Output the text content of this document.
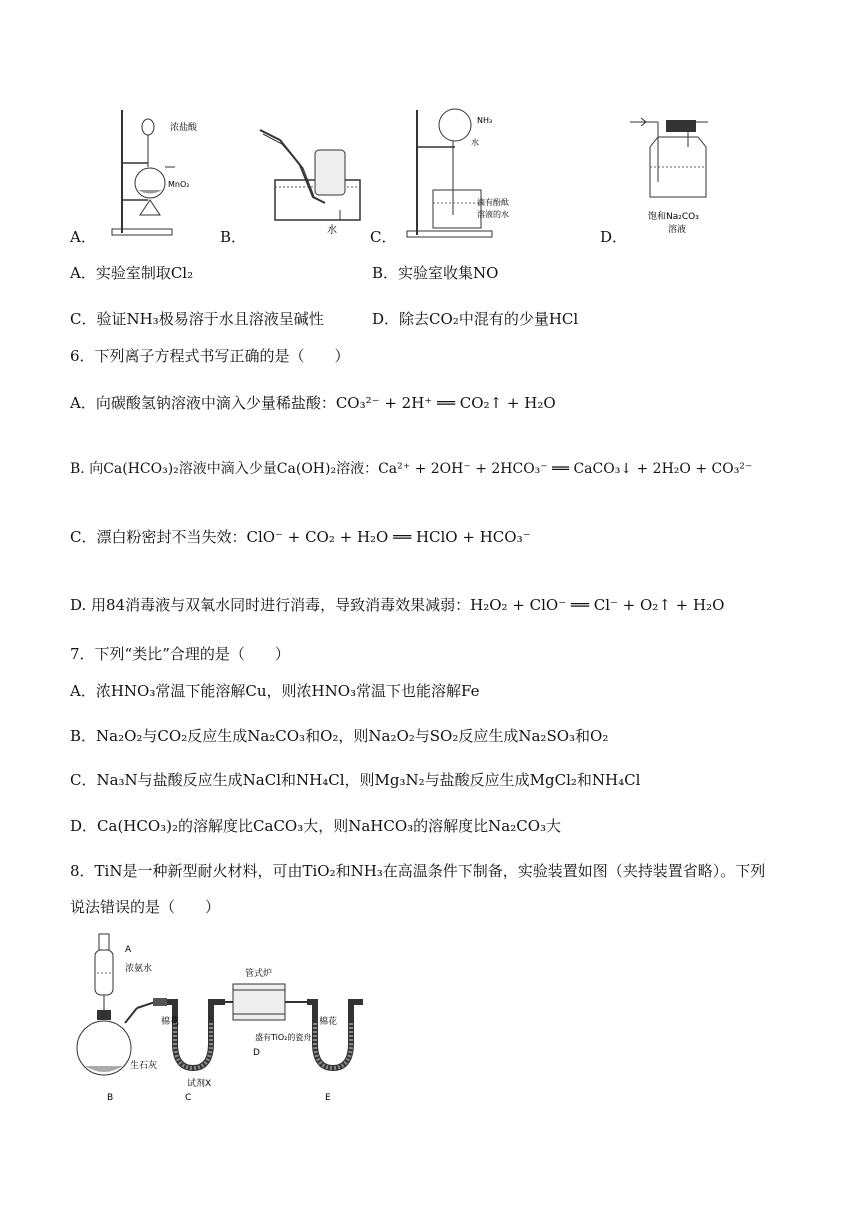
A．
浓盐酸
MnO₂
B．	水 C．
NH₃
水
滴有酚酞
溶液的水
D．
饱和Na₂CO₃
溶液
A．实验室制取Cl₂	B．实验室收集NO
C．验证NH₃极易溶于水且溶液呈碱性	D．除去CO₂中混有的少量HCl
6．下列离子方程式书写正确的是（　　）
A．向碳酸氢钠溶液中滴入少量稀盐酸：CO₃²⁻ + 2H⁺ ══ CO₂↑ + H₂O
B. 向Ca(HCO₃)₂溶液中滴入少量Ca(OH)₂溶液：Ca²⁺ + 2OH⁻ + 2HCO₃⁻ ══ CaCO₃↓ + 2H₂O + CO₃²⁻
C．漂白粉密封不当失效：ClO⁻ + CO₂ + H₂O ══ HClO + HCO₃⁻
D. 用84消毒液与双氧水同时进行消毒，导致消毒效果减弱：H₂O₂ + ClO⁻ ══ Cl⁻ + O₂↑ + H₂O
7．下列“类比”合理的是（　　）
A．浓HNO₃常温下能溶解Cu，则浓HNO₃常温下也能溶解Fe
B．Na₂O₂与CO₂反应生成Na₂CO₃和O₂，则Na₂O₂与SO₂反应生成Na₂SO₃和O₂
C．Na₃N与盐酸反应生成NaCl和NH₄Cl，则Mg₃N₂与盐酸反应生成MgCl₂和NH₄Cl
D．Ca(HCO₃)₂的溶解度比CaCO₃大，则NaHCO₃的溶解度比Na₂CO₃大
8．TiN是一种新型耐火材料，可由TiO₂和NH₃在高温条件下制备，实验装置如图（夹持装置省略）。下列
说法错误的是（　　）
A
浓氨水
生石灰
B
棉花
试剂X
C
管式炉
盛有TiO₂的瓷舟
D
棉花
E
